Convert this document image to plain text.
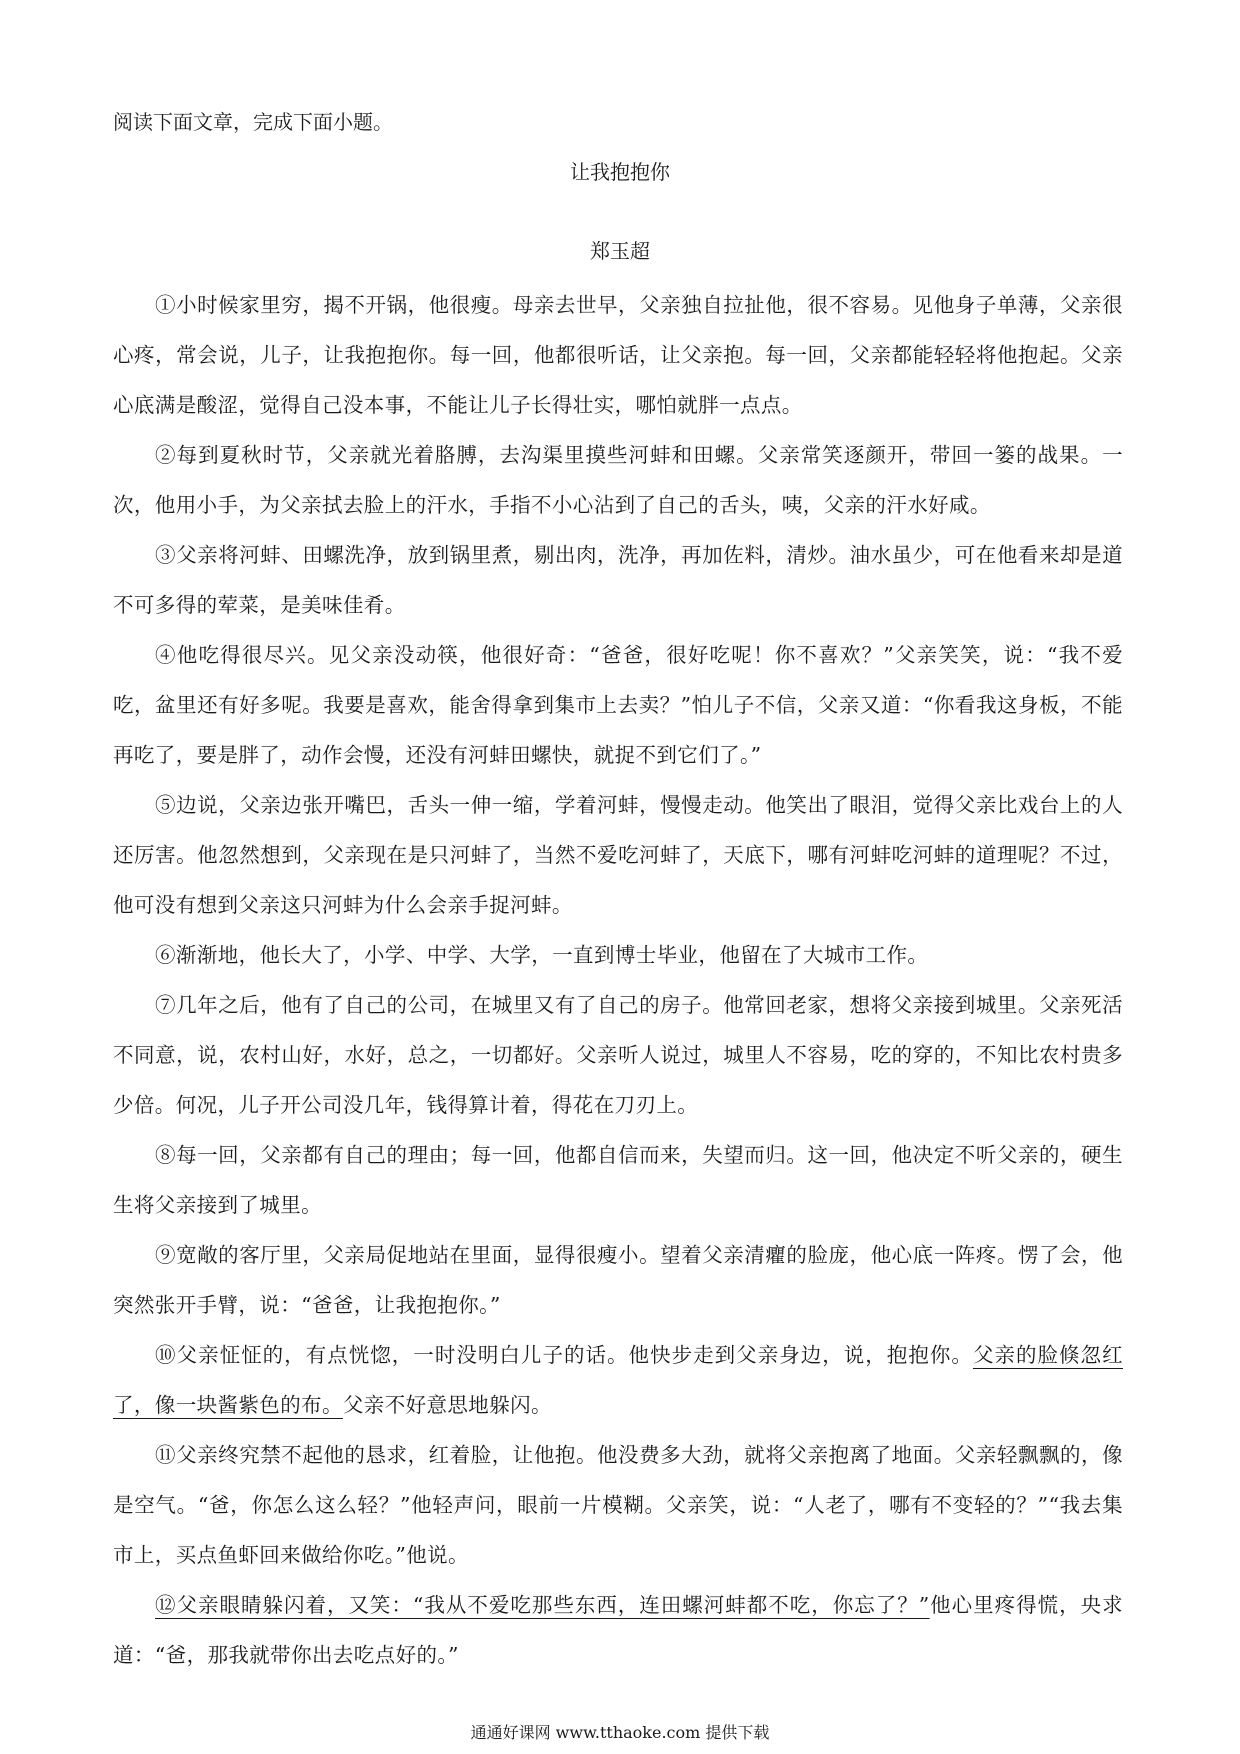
阅读下面文章，完成下面小题。
让我抱抱你
郑玉超

①小时候家里穷，揭不开锅，他很瘦。母亲去世早，父亲独自拉扯他，很不容易。见他身子单薄，父亲很心疼，常会说，儿子，让我抱抱你。每一回，他都很听话，让父亲抱。每一回，父亲都能轻轻将他抱起。父亲心底满是酸涩，觉得自己没本事，不能让儿子长得壮实，哪怕就胖一点点。

②每到夏秋时节，父亲就光着胳膊，去沟渠里摸些河蚌和田螺。父亲常笑逐颜开，带回一篓的战果。一次，他用小手，为父亲拭去脸上的汗水，手指不小心沾到了自己的舌头，咦，父亲的汗水好咸。

③父亲将河蚌、田螺洗净，放到锅里煮，剔出肉，洗净，再加佐料，清炒。油水虽少，可在他看来却是道不可多得的荤菜，是美味佳肴。

④他吃得很尽兴。见父亲没动筷，他很好奇：“爸爸，很好吃呢！你不喜欢？”父亲笑笑，说：“我不爱吃，盆里还有好多呢。我要是喜欢，能舍得拿到集市上去卖？”怕儿子不信，父亲又道：“你看我这身板，不能再吃了，要是胖了，动作会慢，还没有河蚌田螺快，就捉不到它们了。”

⑤边说，父亲边张开嘴巴，舌头一伸一缩，学着河蚌，慢慢走动。他笑出了眼泪，觉得父亲比戏台上的人还厉害。他忽然想到，父亲现在是只河蚌了，当然不爱吃河蚌了，天底下，哪有河蚌吃河蚌的道理呢？不过，他可没有想到父亲这只河蚌为什么会亲手捉河蚌。

⑥渐渐地，他长大了，小学、中学、大学，一直到博士毕业，他留在了大城市工作。

⑦几年之后，他有了自己的公司，在城里又有了自己的房子。他常回老家，想将父亲接到城里。父亲死活不同意，说，农村山好，水好，总之，一切都好。父亲听人说过，城里人不容易，吃的穿的，不知比农村贵多少倍。何况，儿子开公司没几年，钱得算计着，得花在刀刃上。

⑧每一回，父亲都有自己的理由；每一回，他都自信而来，失望而归。这一回，他决定不听父亲的，硬生生将父亲接到了城里。

⑨宽敞的客厅里，父亲局促地站在里面，显得很瘦小。望着父亲清癯的脸庞，他心底一阵疼。愣了会，他突然张开手臂，说：“爸爸，让我抱抱你。”

⑩父亲怔怔的，有点恍惚，一时没明白儿子的话。他快步走到父亲身边，说，抱抱你。父亲的脸倏忽红了，像一块酱紫色的布。父亲不好意思地躲闪。

⑪父亲终究禁不起他的恳求，红着脸，让他抱。他没费多大劲，就将父亲抱离了地面。父亲轻飘飘的，像是空气。“爸，你怎么这么轻？”他轻声问，眼前一片模糊。父亲笑，说：“人老了，哪有不变轻的？”“我去集市上，买点鱼虾回来做给你吃。”他说。

⑫父亲眼睛躲闪着，又笑：“我从不爱吃那些东西，连田螺河蚌都不吃，你忘了？”他心里疼得慌，央求道：“爸，那我就带你出去吃点好的。”

通通好课网 www.tthaoke.com 提供下载
